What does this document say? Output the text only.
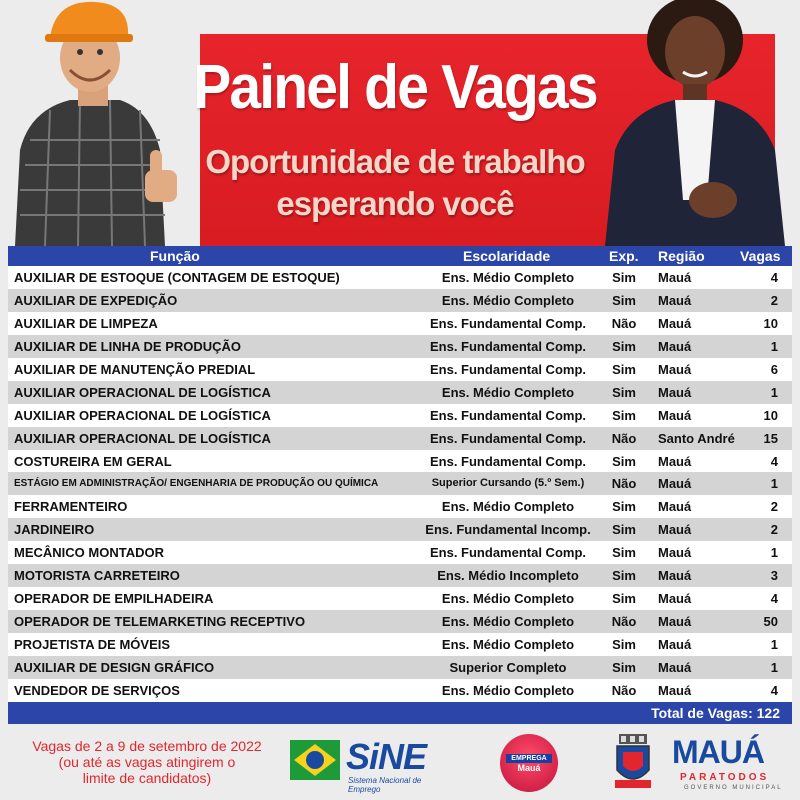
Painel de Vagas
Oportunidade de trabalho
esperando você
Função	Escolaridade	Exp. Região	Vagas
AUXILIAR DE ESTOQUE (CONTAGEM DE ESTOQUE)	Ens. Médio Completo	Sim	Mauá	4
AUXILIAR DE EXPEDIÇÃO	Ens. Médio Completo	Sim	Mauá	2
AUXILIAR DE LIMPEZA	Ens. Fundamental Comp.	Não Mauá	10
AUXILIAR DE LINHA DE PRODUÇÃO	Ens. Fundamental Comp.	Sim	Mauá	1
AUXILIAR DE MANUTENÇÃO PREDIAL	Ens. Fundamental Comp.	Sim	Mauá	6
AUXILIAR OPERACIONAL DE LOGÍSTICA	Ens. Médio Completo	Sim	Mauá	1
AUXILIAR OPERACIONAL DE LOGÍSTICA	Ens. Fundamental Comp.	Sim	Mauá	10
AUXILIAR OPERACIONAL DE LOGÍSTICA	Ens. Fundamental Comp.	Não Santo André	15
COSTUREIRA EM GERAL	Ens. Fundamental Comp.	Sim	Mauá	4
ESTÁGIO EM ADMINISTRAÇÃO/ ENGENHARIA DE PRODUÇÃO OU QUÍMICA	Superior Cursando (5.º Sem.)	Não Mauá	1
FERRAMENTEIRO	Ens. Médio Completo	Sim	Mauá	2
JARDINEIRO	Ens. Fundamental Incomp.	Sim	Mauá	2
MECÂNICO MONTADOR	Ens. Fundamental Comp.	Sim	Mauá	1
MOTORISTA CARRETEIRO	Ens. Médio Incompleto	Sim	Mauá	3
OPERADOR DE EMPILHADEIRA	Ens. Médio Completo	Sim	Mauá	4
OPERADOR DE TELEMARKETING RECEPTIVO	Ens. Médio Completo	Não Mauá	50
PROJETISTA DE MÓVEIS	Ens. Médio Completo	Sim	Mauá	1
AUXILIAR DE DESIGN GRÁFICO	Superior Completo	Sim	Mauá	1
VENDEDOR DE SERVIÇOS	Ens. Médio Completo	Não Mauá	4
Total de Vagas: 122
Vagas de 2 a 9 de setembro de 2022
(ou até as vagas atingirem o
limite de candidatos)
SiNE
Sistema Nacional de Emprego
EMPREGA
Mauá	MAUÁ
PARATODOS
GOVERNO MUNICIPAL
